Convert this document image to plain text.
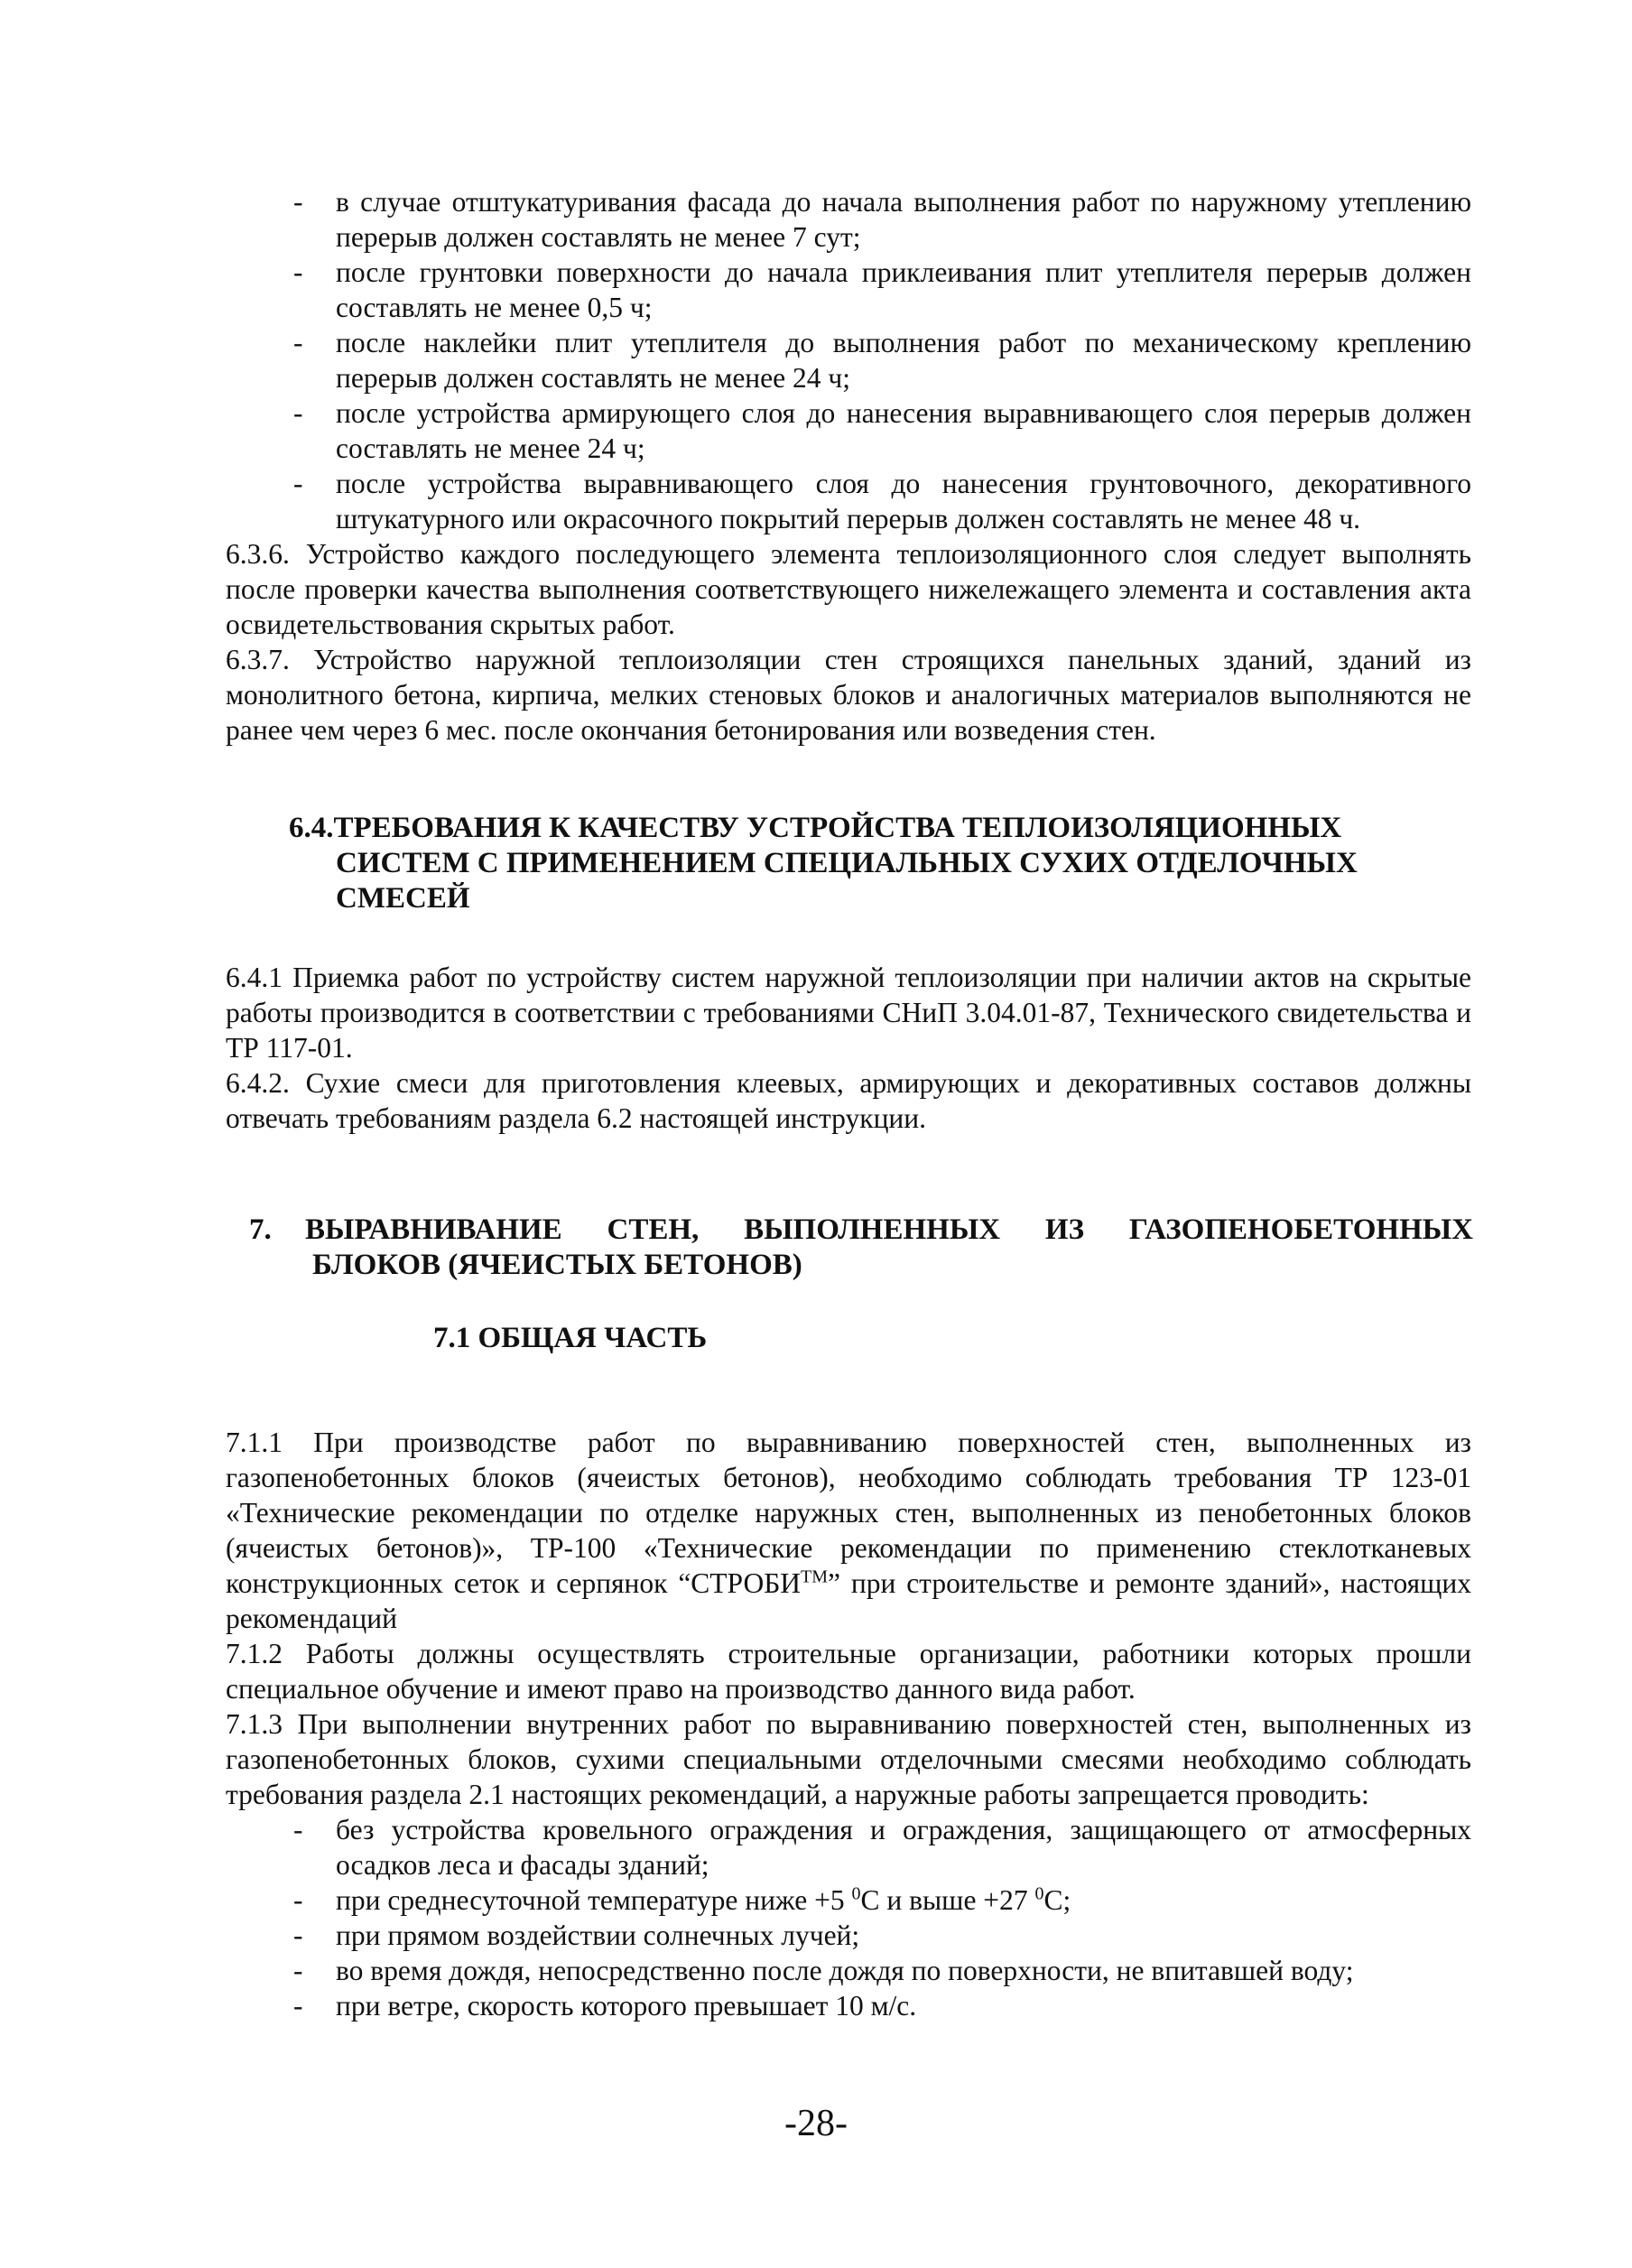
- в случае отштукатуривания фасада до начала выполнения работ по наружному утеплению перерыв должен составлять не менее 7 сут;
- после грунтовки поверхности до начала приклеивания плит утеплителя перерыв должен составлять не менее 0,5 ч;
- после наклейки плит утеплителя до выполнения работ по механическому креплению перерыв должен составлять не менее 24 ч;
- после устройства армирующего слоя до нанесения выравнивающего слоя перерыв должен составлять не менее 24 ч;
- после устройства выравнивающего слоя до нанесения грунтовочного, декоративного штукатурного или окрасочного покрытий перерыв должен составлять не менее 48 ч.

6.3.6. Устройство каждого последующего элемента теплоизоляционного слоя следует выполнять после проверки качества выполнения соответствующего нижележащего элемента и составления акта освидетельствования скрытых работ.

6.3.7. Устройство наружной теплоизоляции стен строящихся панельных зданий, зданий из монолитного бетона, кирпича, мелких стеновых блоков и аналогичных материалов выполняются не ранее чем через 6 мес. после окончания бетонирования или возведения стен.

6.4.ТРЕБОВАНИЯ К КАЧЕСТВУ УСТРОЙСТВА ТЕПЛОИЗОЛЯЦИОННЫХ
СИСТЕМ С ПРИМЕНЕНИЕМ СПЕЦИАЛЬНЫХ СУХИХ ОТДЕЛОЧНЫХ
СМЕСЕЙ

6.4.1 Приемка работ по устройству систем наружной теплоизоляции при наличии актов на скрытые работы производится в соответствии с требованиями СНиП 3.04.01-87, Технического свидетельства и ТР 117-01.

6.4.2. Сухие смеси для приготовления клеевых, армирующих и декоративных составов должны отвечать требованиям раздела 6.2 настоящей инструкции.

7.	ВЫРАВНИВАНИЕ СТЕН, ВЫПОЛНЕННЫХ ИЗ ГАЗОПЕНОБЕТОННЫХ
БЛОКОВ (ЯЧЕИСТЫХ БЕТОНОВ)
7.1 ОБЩАЯ ЧАСТЬ

7.1.1 При производстве работ по выравниванию поверхностей стен, выполненных из газопенобетонных блоков (ячеистых бетонов), необходимо соблюдать требования ТР 123-01 «Технические рекомендации по отделке наружных стен, выполненных из пенобетонных блоков (ячеистых бетонов)», ТР-100 «Технические рекомендации по применению стеклотканевых конструкционных сеток и серпянок “СТРОБИ™” при строительстве и ремонте зданий», настоящих рекомендаций

7.1.2 Работы должны осуществлять строительные организации, работники которых прошли специальное обучение и имеют право на производство данного вида работ.

7.1.3 При выполнении внутренних работ по выравниванию поверхностей стен, выполненных из газопенобетонных блоков, сухими специальными отделочными смесями необходимо соблюдать требования раздела 2.1 настоящих рекомендаций, а наружные работы запрещается проводить:

- без устройства кровельного ограждения и ограждения, защищающего от атмосферных осадков леса и фасады зданий;
- при среднесуточной температуре ниже +5 $^0$С и выше +27 $^0$С;
- при прямом воздействии солнечных лучей;
- во время дождя, непосредственно после дождя по поверхности, не впитавшей воду;
- при ветре, скорость которого превышает 10 м/с.
-28-
